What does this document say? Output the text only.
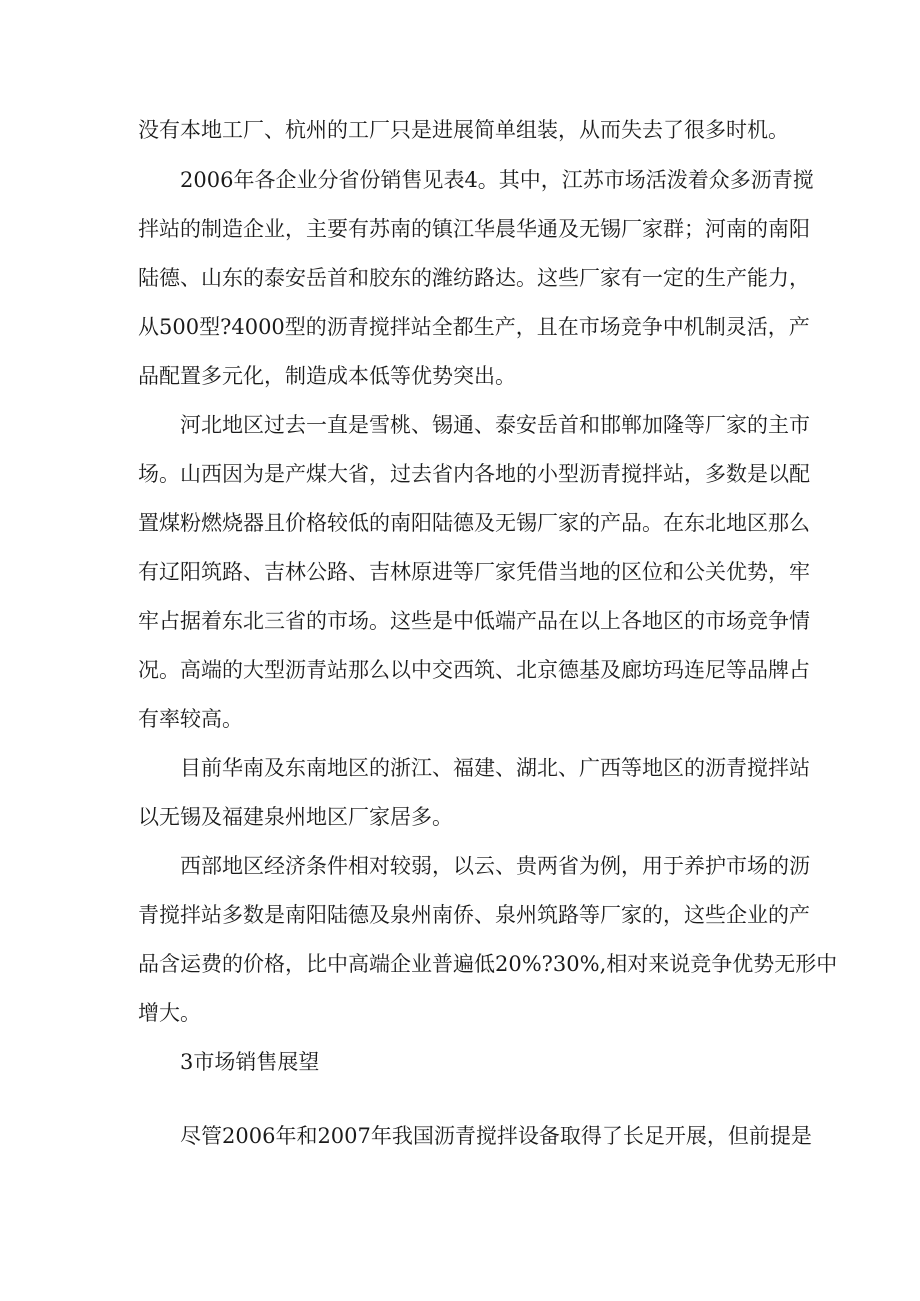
没有本地工厂、杭州的工厂只是进展简单组装，从而失去了很多时机。
2006年各企业分省份销售见表4。其中，江苏市场活泼着众多沥青搅
拌站的制造企业，主要有苏南的镇江华晨华通及无锡厂家群；河南的南阳
陆德、山东的泰安岳首和胶东的潍纺路达。这些厂家有一定的生产能力，
从500型?4000型的沥青搅拌站全都生产，且在市场竞争中机制灵活，产
品配置多元化，制造成本低等优势突出。
河北地区过去一直是雪桃、锡通、泰安岳首和邯郸加隆等厂家的主市
场。山西因为是产煤大省，过去省内各地的小型沥青搅拌站，多数是以配
置煤粉燃烧器且价格较低的南阳陆德及无锡厂家的产品。在东北地区那么
有辽阳筑路、吉林公路、吉林原进等厂家凭借当地的区位和公关优势，牢
牢占据着东北三省的市场。这些是中低端产品在以上各地区的市场竞争情
况。高端的大型沥青站那么以中交西筑、北京德基及廊坊玛连尼等品牌占
有率较高。
目前华南及东南地区的浙江、福建、湖北、广西等地区的沥青搅拌站
以无锡及福建泉州地区厂家居多。
西部地区经济条件相对较弱，以云、贵两省为例，用于养护市场的沥
青搅拌站多数是南阳陆德及泉州南侨、泉州筑路等厂家的，这些企业的产
品含运费的价格，比中高端企业普遍低20%?30%,相对来说竞争优势无形中
增大。
3市场销售展望
尽管2006年和2007年我国沥青搅拌设备取得了长足开展，但前提是
